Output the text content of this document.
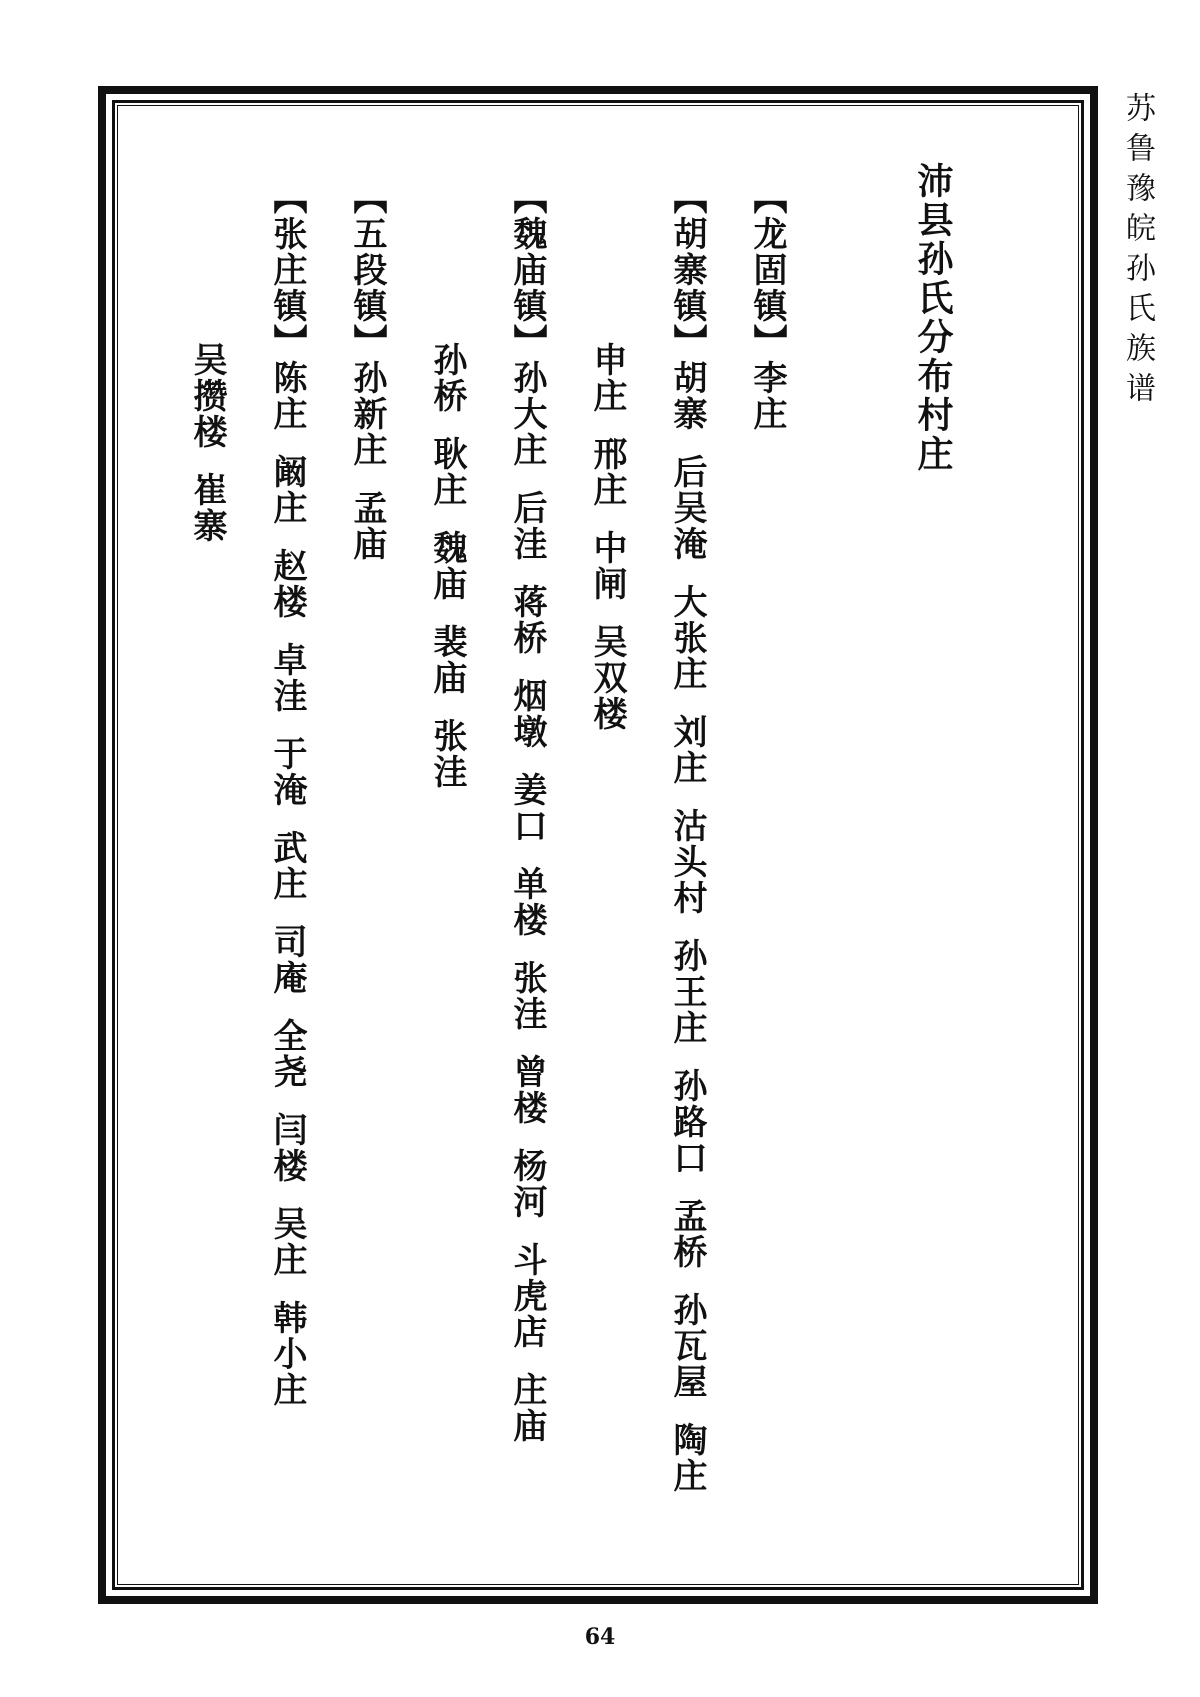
苏鲁豫皖孙氏族谱
沛县孙氏分布村庄
【龙固镇】李庄
【胡寨镇】胡寨后吴淹大张庄刘庄沽头村孙王庄孙路口孟桥孙瓦屋陶庄
申庄邢庄中闸吴双楼
【魏庙镇】孙大庄后洼蒋桥烟墩姜口单楼张洼曾楼杨河斗虎店庄庙
孙桥耿庄魏庙裴庙张洼
【五段镇】孙新庄孟庙
【张庄镇】陈庄阚庄赵楼卓洼于淹武庄司庵全尧闫楼吴庄韩小庄
吴攒楼崔寨
64
